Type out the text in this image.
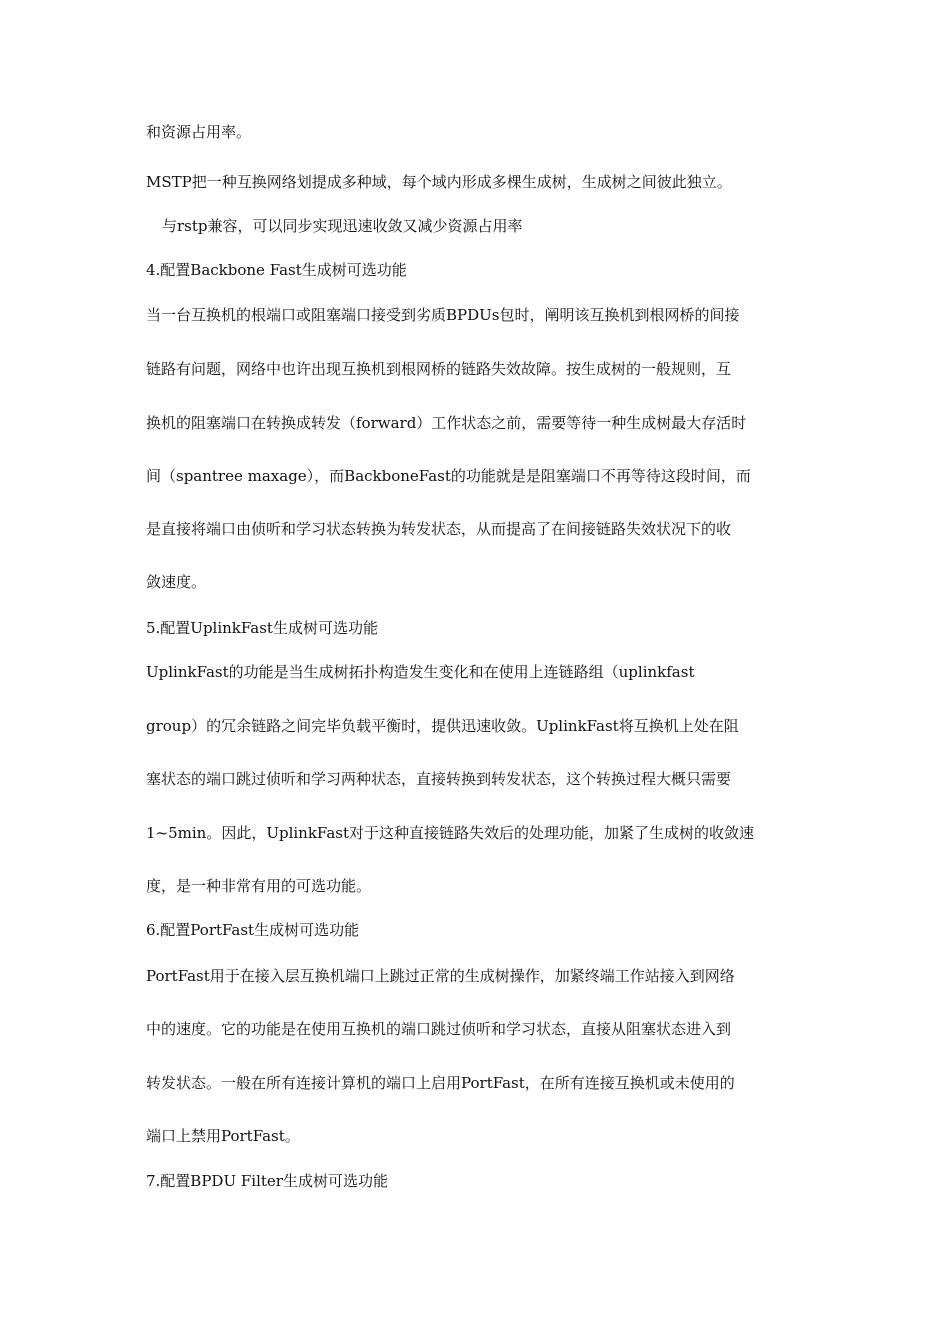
和资源占用率。
MSTP把一种互换网络划提成多种域，每个域内形成多棵生成树，生成树之间彼此独立。
与rstp兼容，可以同步实现迅速收敛又减少资源占用率
4.配置Backbone Fast生成树可选功能
当一台互换机的根端口或阻塞端口接受到劣质BPDUs包时，阐明该互换机到根网桥的间接
链路有问题，网络中也许出现互换机到根网桥的链路失效故障。按生成树的一般规则，互
换机的阻塞端口在转换成转发（forward）工作状态之前，需要等待一种生成树最大存活时
间（spantree maxage），而BackboneFast的功能就是是阻塞端口不再等待这段时间，而
是直接将端口由侦听和学习状态转换为转发状态，从而提高了在间接链路失效状况下的收
敛速度。
5.配置UplinkFast生成树可选功能
UplinkFast的功能是当生成树拓扑构造发生变化和在使用上连链路组（uplinkfast
group）的冗余链路之间完毕负载平衡时，提供迅速收敛。UplinkFast将互换机上处在阻
塞状态的端口跳过侦听和学习两种状态，直接转换到转发状态，这个转换过程大概只需要
1~5min。因此，UplinkFast对于这种直接链路失效后的处理功能，加紧了生成树的收敛速
度，是一种非常有用的可选功能。
6.配置PortFast生成树可选功能
PortFast用于在接入层互换机端口上跳过正常的生成树操作，加紧终端工作站接入到网络
中的速度。它的功能是在使用互换机的端口跳过侦听和学习状态，直接从阻塞状态进入到
转发状态。一般在所有连接计算机的端口上启用PortFast，在所有连接互换机或未使用的
端口上禁用PortFast。
7.配置BPDU Filter生成树可选功能
